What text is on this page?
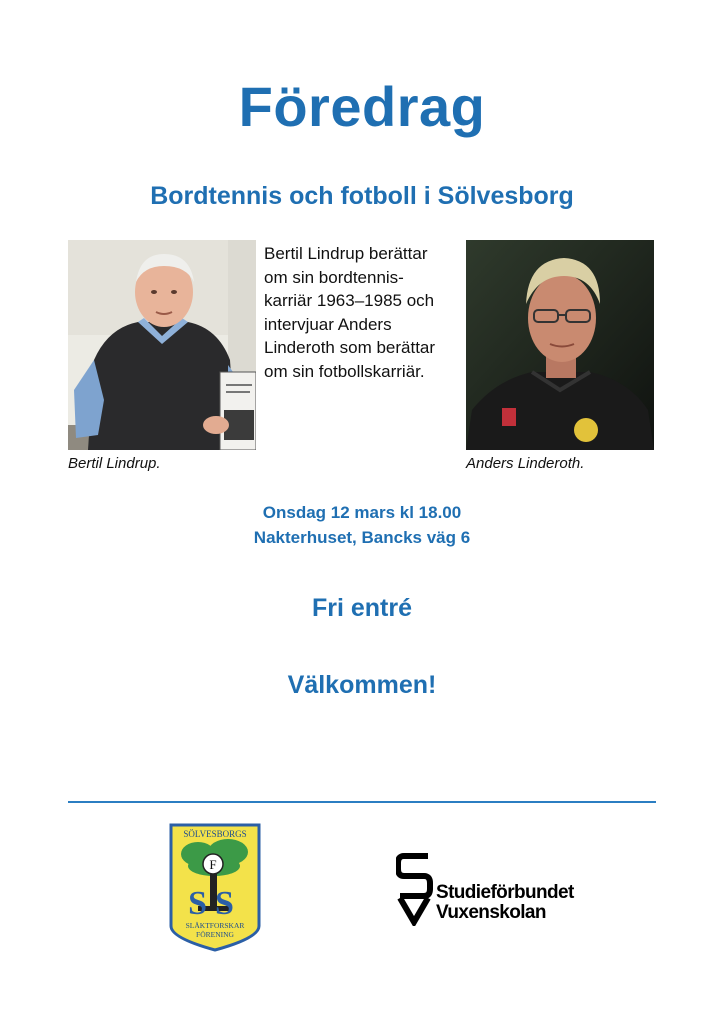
Föredrag
Bordtennis och fotboll i Sölvesborg
Bertil Lindrup berättar
om sin bordtennis-
karriär 1963–1985 och
intervjuar Anders
Linderoth som berättar
om sin fotbollskarriär.
Bertil Lindrup.	Anders Linderoth.
Onsdag 12 mars kl 18.00
Nakterhuset, Bancks väg 6
Fri entré
Välkommen!
SÖLVESBORGS
F
SS
SLÄKTFORSKAR
FÖRENING
Studieförbundet
Vuxenskolan
